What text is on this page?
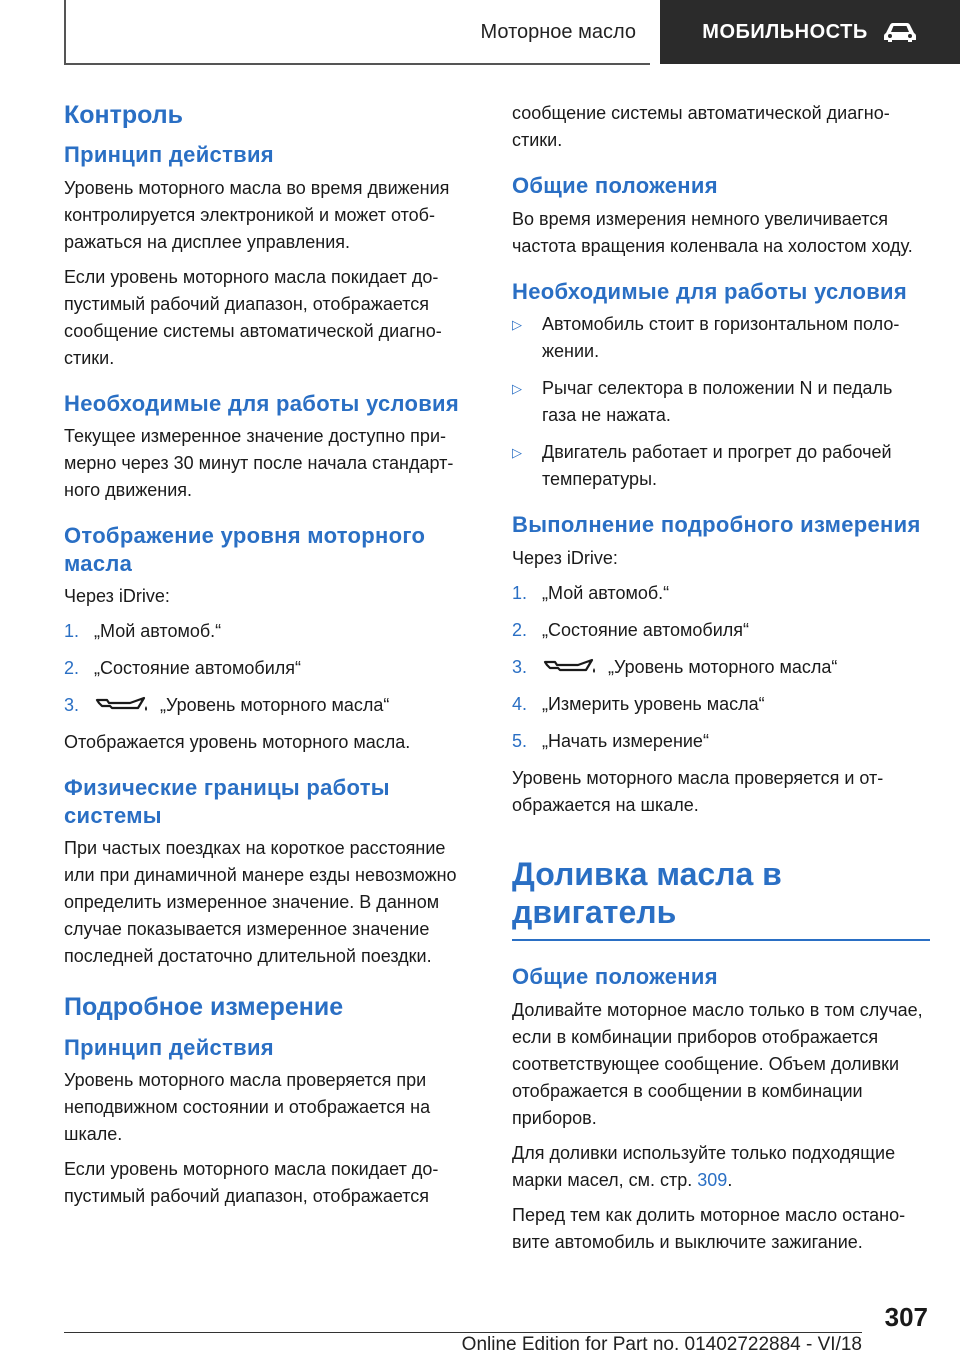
Моторное масло	МОБИЛЬНОСТЬ
Контроль
Принцип действия

Уровень моторного масла во время движения контролируется электроникой и может отображаться на дисплее управления.

Если уровень моторного масла покидает допустимый рабочий диапазон, отображается сообщение системы автоматической диагностики.

Необходимые для работы условия

Текущее измеренное значение доступно примерно через 30 минут после начала стандартного движения.

Отображение уровня моторного масла

Через iDrive:

1. „Мой автомоб.“
2. „Состояние автомобиля“
3.	„Уровень моторного масла“

Отображается уровень моторного масла.

Физические границы работы системы

При частых поездках на короткое расстояние или при динамичной манере езды невозможно определить измеренное значение. В данном случае показывается измеренное значение последней достаточно длительной поездки.

Подробное измерение
Принцип действия

Уровень моторного масла проверяется при неподвижном состоянии и отображается на шкале.

Если уровень моторного масла покидает допустимый рабочий диапазон, отображается

сообщение системы автоматической диагностики.

Общие положения

Во время измерения немного увеличивается частота вращения коленвала на холостом ходу.

Необходимые для работы условия
▷	Автомобиль стоит в горизонтальном положении.
▷	Рычаг селектора в положении N и педаль газа не нажата.
▷	Двигатель работает и прогрет до рабочей температуры.
Выполнение подробного измерения

Через iDrive:

1. „Мой автомоб.“
2. „Состояние автомобиля“
3.	„Уровень моторного масла“
4. „Измерить уровень масла“
5. „Начать измерение“

Уровень моторного масла проверяется и отображается на шкале.

Доливка масла в двигатель
Общие положения

Доливайте моторное масло только в том случае, если в комбинации приборов отображается соответствующее сообщение. Объем доливки отображается в сообщении в комбинации приборов.

Для доливки используйте только подходящие марки масел, см. стр. 309.

Перед тем как долить моторное масло остановите автомобиль и выключите зажигание.

307
Online Edition for Part no. 01402722884 - VI/18
